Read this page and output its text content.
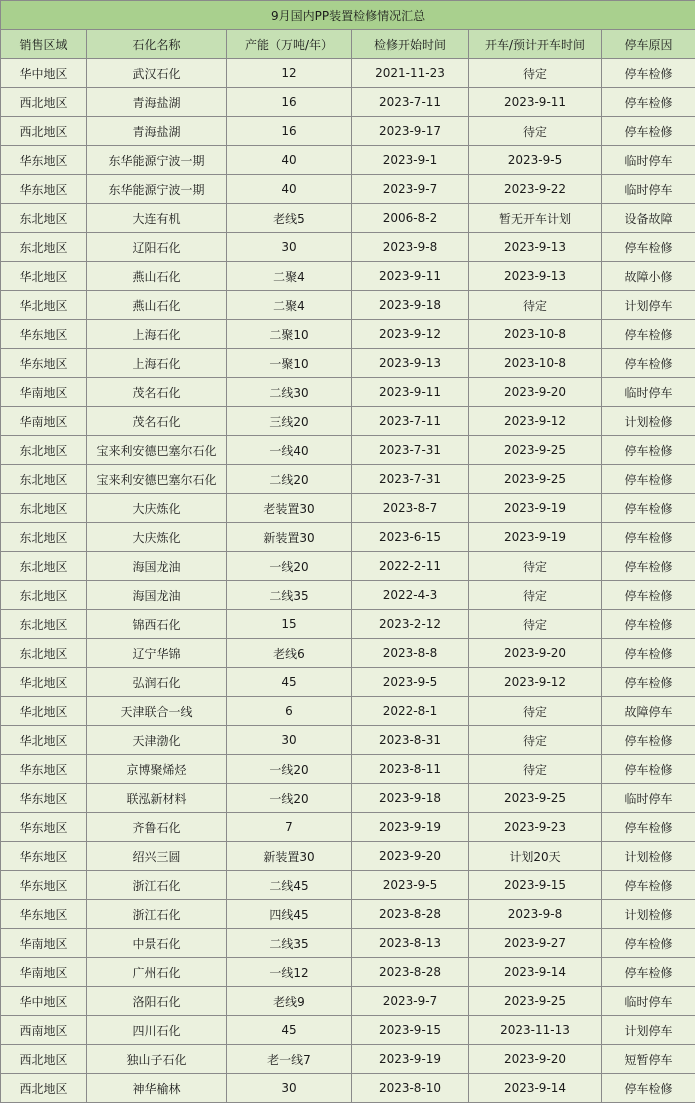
9月国内PP装置检修情况汇总					
销售区域	石化名称	产能（万吨/年）	检修开始时间	开车/预计开车时间	停车原因
华中地区	武汉石化	12	2021-11-23	待定	停车检修
西北地区	青海盐湖	16	2023-7-11	2023-9-11	停车检修
西北地区	青海盐湖	16	2023-9-17	待定	停车检修
华东地区	东华能源宁波一期	40	2023-9-1	2023-9-5	临时停车
华东地区	东华能源宁波一期	40	2023-9-7	2023-9-22	临时停车
东北地区	大连有机	老线5	2006-8-2	暂无开车计划	设备故障
东北地区	辽阳石化	30	2023-9-8	2023-9-13	停车检修
华北地区	燕山石化	二聚4	2023-9-11	2023-9-13	故障小修
华北地区	燕山石化	二聚4	2023-9-18	待定	计划停车
华东地区	上海石化	二聚10	2023-9-12	2023-10-8	停车检修
华东地区	上海石化	一聚10	2023-9-13	2023-10-8	停车检修
华南地区	茂名石化	二线30	2023-9-11	2023-9-20	临时停车
华南地区	茂名石化	三线20	2023-7-11	2023-9-12	计划检修
东北地区	宝来利安德巴塞尔石化	一线40	2023-7-31	2023-9-25	停车检修
东北地区	宝来利安德巴塞尔石化	二线20	2023-7-31	2023-9-25	停车检修
东北地区	大庆炼化	老装置30	2023-8-7	2023-9-19	停车检修
东北地区	大庆炼化	新装置30	2023-6-15	2023-9-19	停车检修
东北地区	海国龙油	一线20	2022-2-11	待定	停车检修
东北地区	海国龙油	二线35	2022-4-3	待定	停车检修
东北地区	锦西石化	15	2023-2-12	待定	停车检修
东北地区	辽宁华锦	老线6	2023-8-8	2023-9-20	停车检修
华北地区	弘润石化	45	2023-9-5	2023-9-12	停车检修
华北地区	天津联合一线	6	2022-8-1	待定	故障停车
华北地区	天津渤化	30	2023-8-31	待定	停车检修
华东地区	京博聚烯烃	一线20	2023-8-11	待定	停车检修
华东地区	联泓新材料	一线20	2023-9-18	2023-9-25	临时停车
华东地区	齐鲁石化	7	2023-9-19	2023-9-23	停车检修
华东地区	绍兴三圆	新装置30	2023-9-20	计划20天	计划检修
华东地区	浙江石化	二线45	2023-9-5	2023-9-15	停车检修
华东地区	浙江石化	四线45	2023-8-28	2023-9-8	计划检修
华南地区	中景石化	二线35	2023-8-13	2023-9-27	停车检修
华南地区	广州石化	一线12	2023-8-28	2023-9-14	停车检修
华中地区	洛阳石化	老线9	2023-9-7	2023-9-25	临时停车
西南地区	四川石化	45	2023-9-15	2023-11-13	计划停车
西北地区	独山子石化	老一线7	2023-9-19	2023-9-20	短暂停车
西北地区	神华榆林	30	2023-8-10	2023-9-14	停车检修
